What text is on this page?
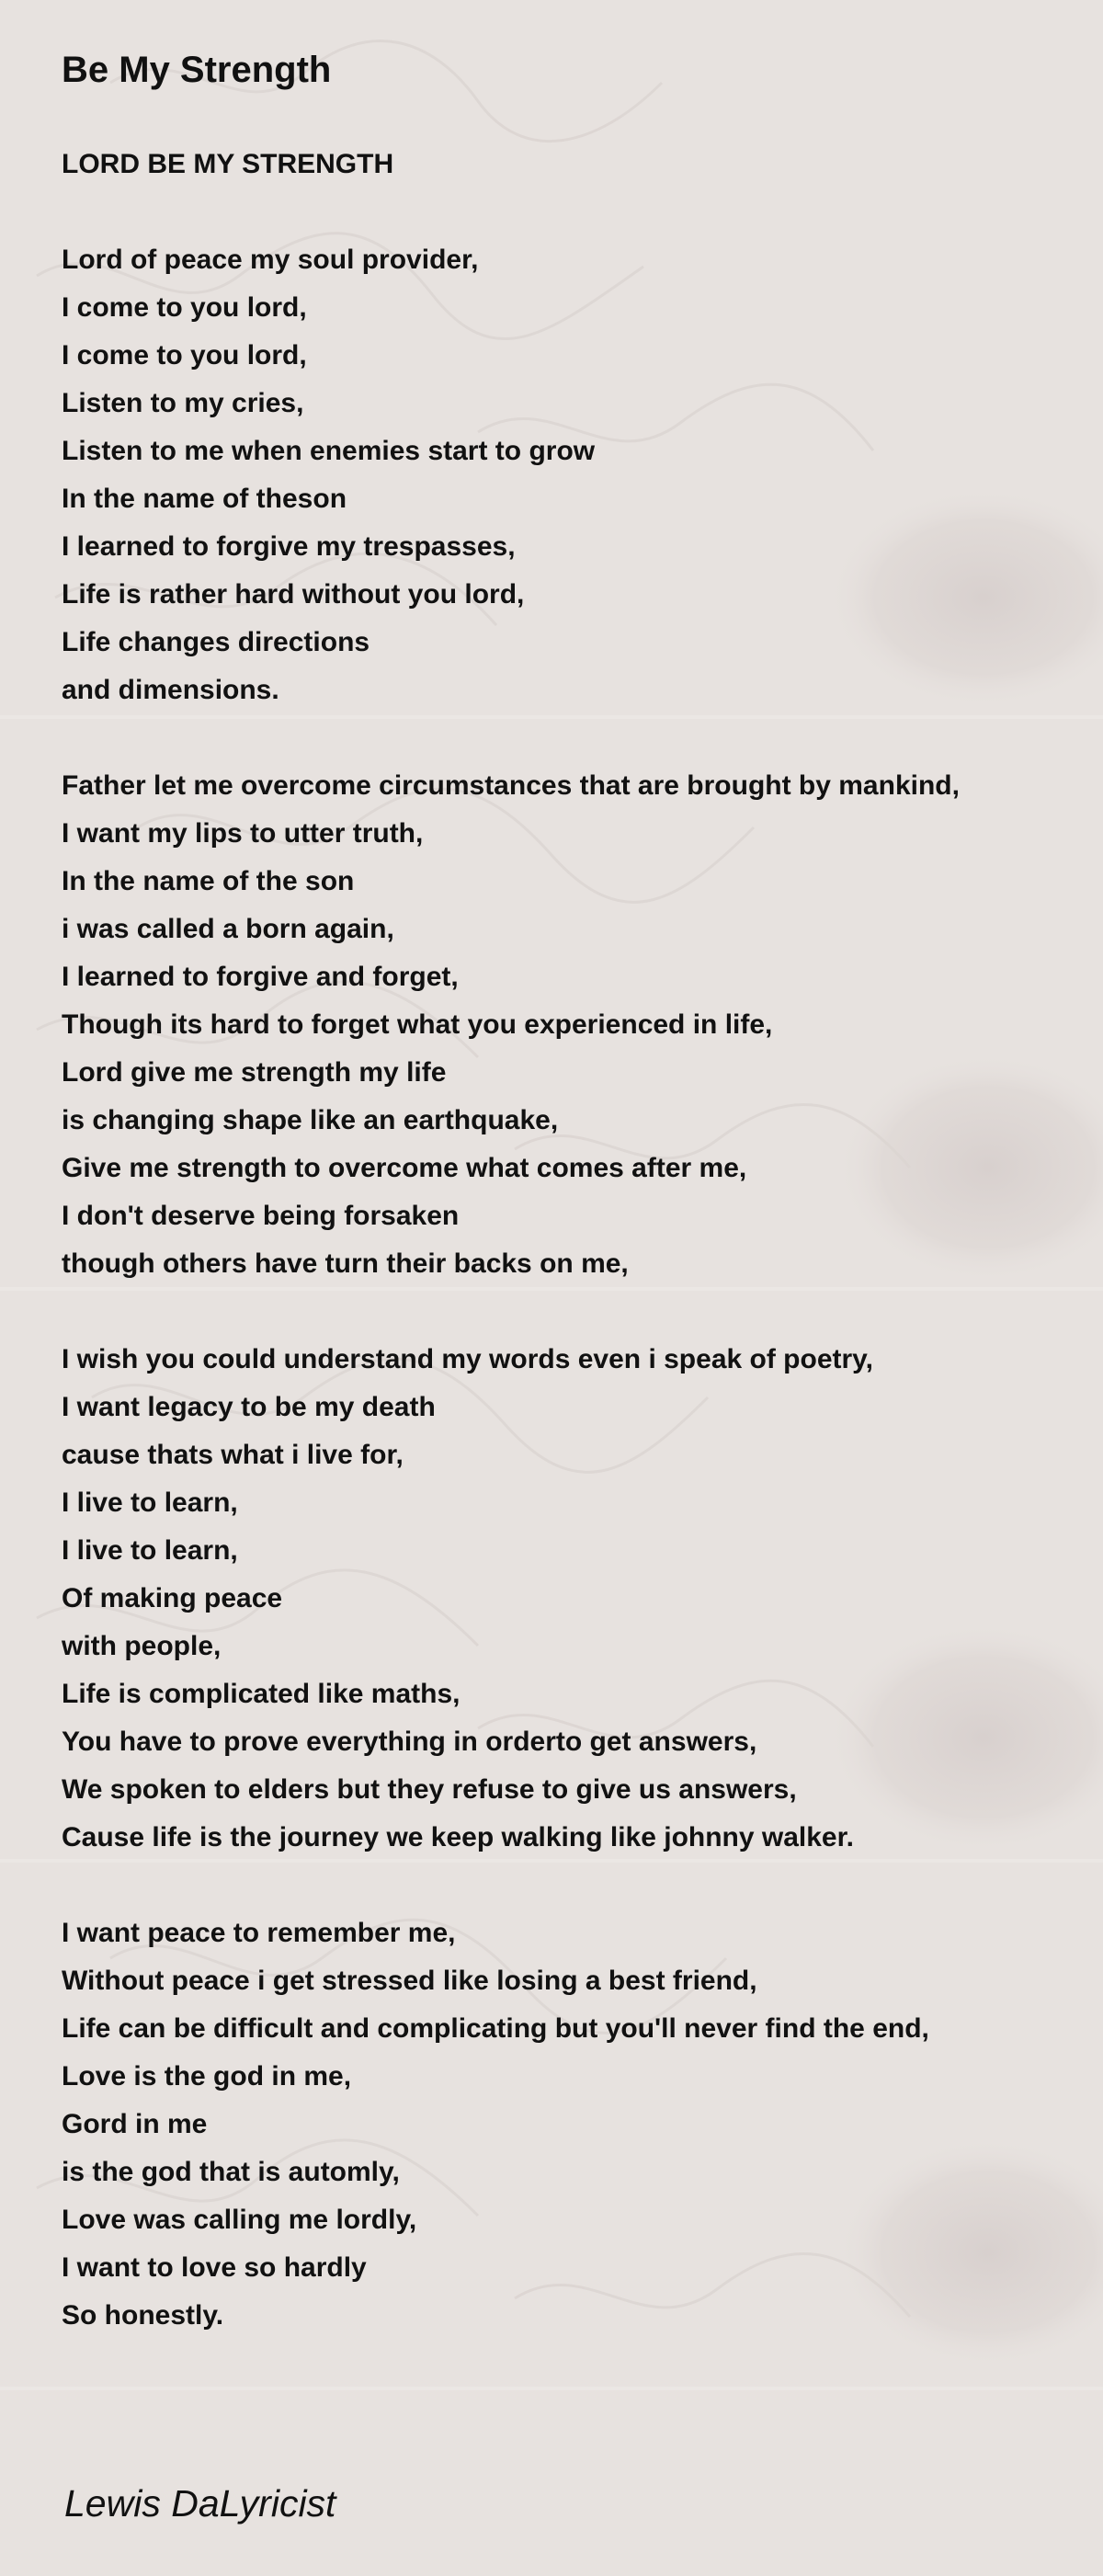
Be My Strength
LORD BE MY STRENGTH
Lord of peace my soul provider,
I come to you lord,
I come to you lord,
Listen to my cries,
Listen to me when enemies start to grow
In the name of theson
I learned to forgive my trespasses,
Life is rather hard without you lord,
Life changes directions
and dimensions.
Father let me overcome circumstances that are brought by mankind,
I want my lips to utter truth,
In the name of the son
i was called a born again,
I learned to forgive and forget,
Though its hard to forget what you experienced in life,
Lord give me strength my life
is changing shape like an earthquake,
Give me strength to overcome what comes after me,
I don't deserve being forsaken
though others have turn their backs on me,
I wish you could understand my words even i speak of poetry,
I want legacy to be my death
cause thats what i live for,
I live to learn,
I live to learn,
Of making peace
with people,
Life is complicated like maths,
You have to prove everything in orderto get answers,
We spoken to elders but they refuse to give us answers,
Cause life is the journey we keep walking like johnny walker.
I want peace to remember me,
Without peace i get stressed like losing a best friend,
Life can be difficult and complicating but you'll never find the end,
Love is the god in me,
Gord in me
is the god that is automly,
Love was calling me lordly,
I want to love so hardly
So honestly.
Lewis DaLyricist
